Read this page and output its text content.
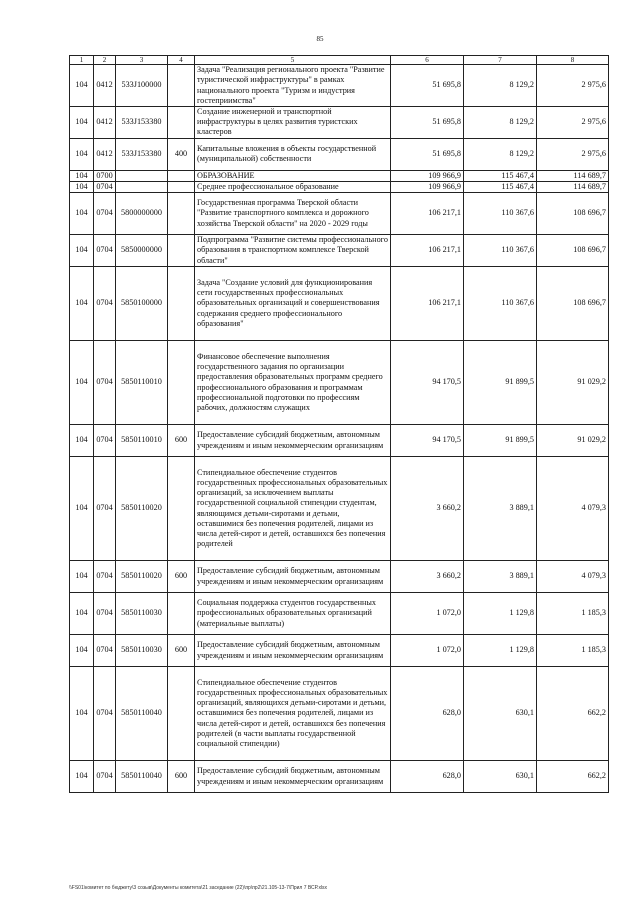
85
1	2	3	4	5	6	7	8
104	0412	533J100000		Задача "Реализация регионального проекта "Развитие туристической инфраструктуры" в рамках национального проекта "Туризм и индустрия гостеприимства"	51 695,8	8 129,2	2 975,6
104	0412	533J153380		Создание инженерной и транспортной инфраструктуры в целях развития туристских кластеров	51 695,8	8 129,2	2 975,6
104	0412	533J153380	400	Капитальные вложения в объекты государственной (муниципальной) собственности	51 695,8	8 129,2	2 975,6
104	0700			ОБРАЗОВАНИЕ	109 966,9	115 467,4	114 689,7
104	0704			Среднее профессиональное образование	109 966,9	115 467,4	114 689,7
104	0704	5800000000		Государственная программа Тверской области "Развитие транспортного комплекса и дорожного хозяйства Тверской области" на 2020 - 2029 годы	106 217,1	110 367,6	108 696,7
104	0704	5850000000		Подпрограмма "Развитие системы профессионального образования в транспортном комплексе Тверской области"	106 217,1	110 367,6	108 696,7
104	0704	5850100000		Задача "Создание условий для функционирования сети государственных профессиональных образовательных организаций и совершенствования содержания среднего профессионального образования"	106 217,1	110 367,6	108 696,7
104	0704	5850110010		Финансовое обеспечение выполнения государственного задания по организации предоставления образовательных программ среднего профессионального образования и программам профессиональной подготовки по профессиям рабочих, должностям служащих	94 170,5	91 899,5	91 029,2
104	0704	5850110010	600	Предоставление субсидий бюджетным, автономным учреждениям и иным некоммерческим организациям	94 170,5	91 899,5	91 029,2
104	0704	5850110020		Стипендиальное обеспечение студентов государственных профессиональных образовательных организаций, за исключением выплаты государственной социальной стипендии студентам, являющимся детьми-сиротами и детьми, оставшимися без попечения родителей, лицами из числа детей-сирот и детей, оставшихся без попечения родителей	3 660,2	3 889,1	4 079,3
104	0704	5850110020	600	Предоставление субсидий бюджетным, автономным учреждениям и иным некоммерческим организациям	3 660,2	3 889,1	4 079,3
104	0704	5850110030		Социальная поддержка студентов государственных профессиональных образовательных организаций (материальные выплаты)	1 072,0	1 129,8	1 185,3
104	0704	5850110030	600	Предоставление субсидий бюджетным, автономным учреждениям и иным некоммерческим организациям	1 072,0	1 129,8	1 185,3
104	0704	5850110040		Стипендиальное обеспечение студентов государственных профессиональных образовательных организаций, являющихся детьми-сиротами и детьми, оставшимися без попечения родителей, лицами из числа детей-сирот и детей, оставшихся без попечения родителей (в части выплаты государственной социальной стипендии)	628,0	630,1	662,2
104	0704	5850110040	600	Предоставление субсидий бюджетным, автономным учреждениям и иным некоммерческим организациям	628,0	630,1	662,2
\\FS01\комитет по бюджету\3 созыв\Документы комитета\21 заседание (22)\пр\пр2\21.105-13-7\Прил 7 ВСР.xlsx
